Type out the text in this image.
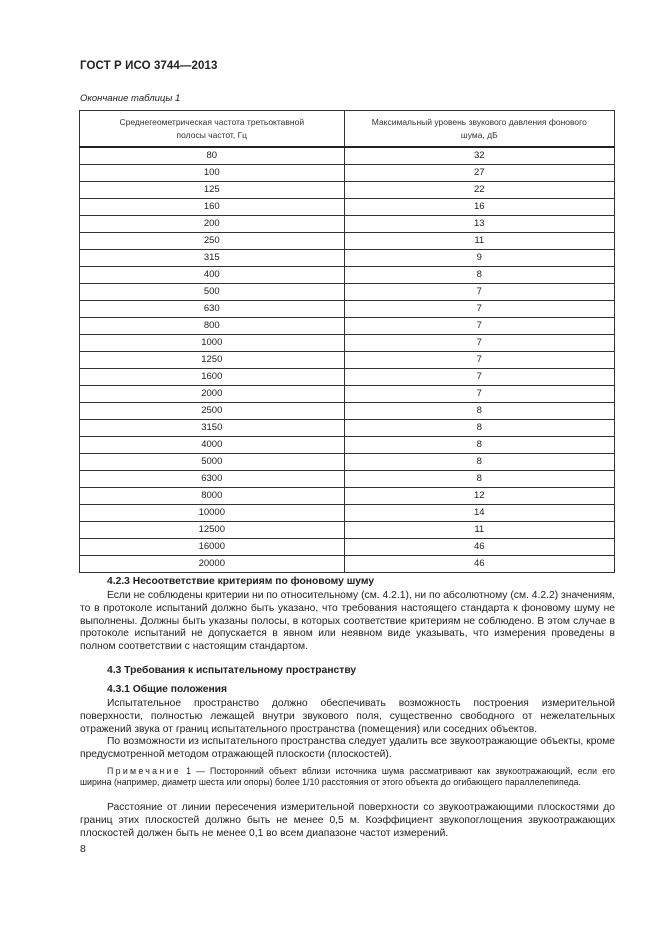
ГОСТ Р ИСО 3744—2013
Окончание таблицы 1
Среднегеометрическая частота третьоктавной полосы частот, Гц	Максимальный уровень звукового давления фонового шума, дБ

80	32
100	27
125	22
160	16
200	13
250	11
315	9
400	8
500	7
630	7
800	7
1000	7
1250	7
1600	7
2000	7
2500	8
3150	8
4000	8
5000	8
6300	8
8000	12
10000	14
12500	11
16000	46
20000	46
4.2.3 Несоответствие критериям по фоновому шуму

Если не соблюдены критерии ни по относительному (см. 4.2.1), ни по абсолютному (см. 4.2.2) значениям, то в протоколе испытаний должно быть указано, что требования настоящего стандарта к фоновому шуму не выполнены. Должны быть указаны полосы, в которых соответствие критериям не соблюдено. В этом случае в протоколе испытаний не допускается в явном или неявном виде указывать, что измерения проведены в полном соответствии с настоящим стандартом.

4.3 Требования к испытательному пространству
4.3.1 Общие положения

Испытательное пространство должно обеспечивать возможность построения измерительной поверхности, полностью лежащей внутри звукового поля, существенно свободного от нежелательных отражений звука от границ испытательного пространства (помещения) или соседних объектов.

По возможности из испытательного пространства следует удалить все звукоотражающие объекты, кроме предусмотренной методом отражающей плоскости (плоскостей).

Примечание 1 — Посторонний объект вблизи источника шума рассматривают как звукоотражающий, если его ширина (например, диаметр шеста или опоры) более 1/10 расстояния от этого объекта до огибающего параллелепипеда.

Расстояние от линии пересечения измерительной поверхности со звукоотражающими плоскостями до границ этих плоскостей должно быть не менее 0,5 м. Коэффициент звукопоглощения звукоотражающих плоскостей должен быть не менее 0,1 во всем диапазоне частот измерений.

8
